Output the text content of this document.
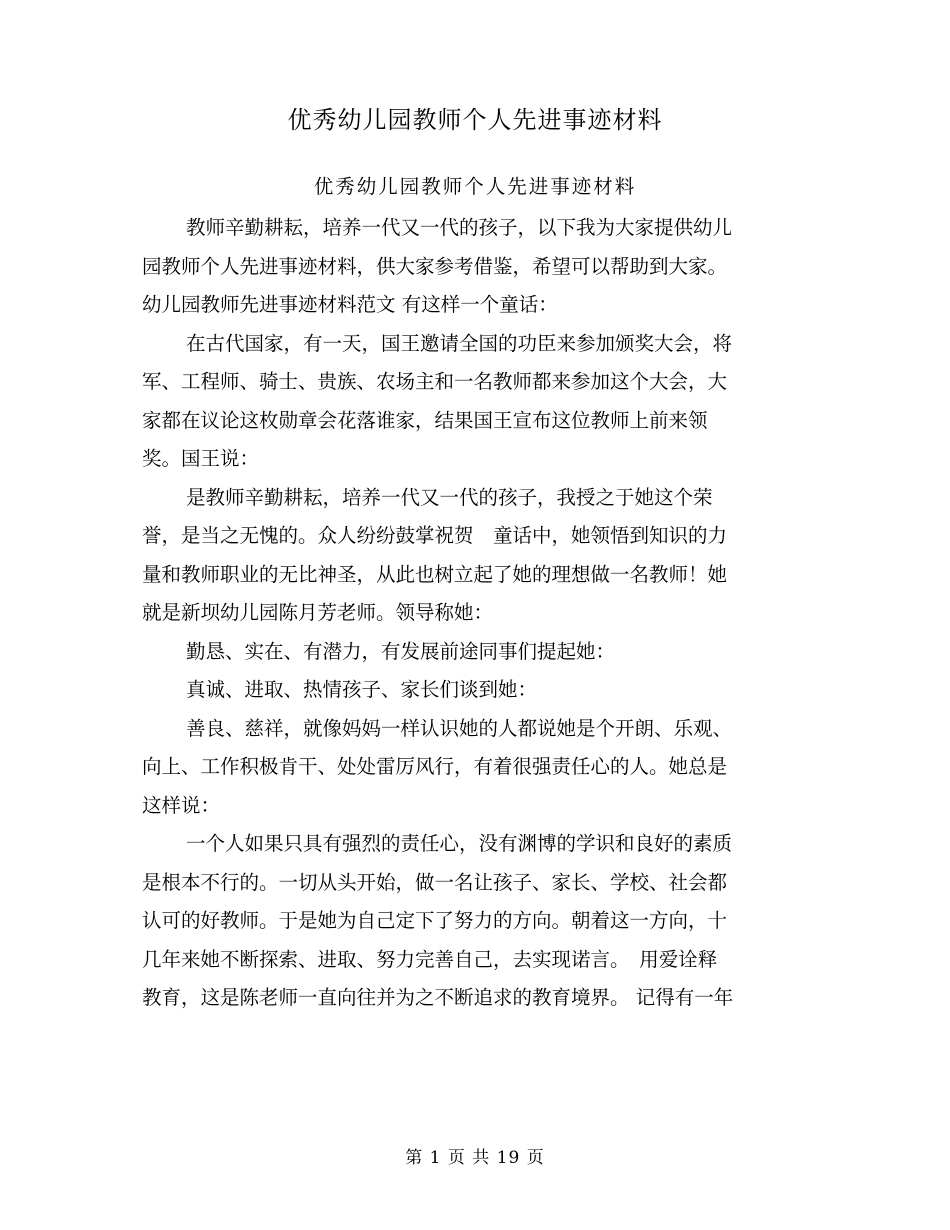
优秀幼儿园教师个人先进事迹材料
优秀幼儿园教师个人先进事迹材料
教师辛勤耕耘，培养一代又一代的孩子，以下我为大家提供幼儿
园教师个人先进事迹材料，供大家参考借鉴，希望可以帮助到大家。
幼儿园教师先进事迹材料范文 有这样一个童话：
在古代国家，有一天，国王邀请全国的功臣来参加颁奖大会，将
军、工程师、骑士、贵族、农场主和一名教师都来参加这个大会，大
家都在议论这枚勋章会花落谁家，结果国王宣布这位教师上前来领
奖。国王说：
是教师辛勤耕耘，培养一代又一代的孩子，我授之于她这个荣
誉，是当之无愧的。众人纷纷鼓掌祝贺　童话中，她领悟到知识的力
量和教师职业的无比神圣，从此也树立起了她的理想做一名教师！她
就是新坝幼儿园陈月芳老师。领导称她：
勤恳、实在、有潜力，有发展前途同事们提起她：
真诚、进取、热情孩子、家长们谈到她：
善良、慈祥，就像妈妈一样认识她的人都说她是个开朗、乐观、
向上、工作积极肯干、处处雷厉风行，有着很强责任心的人。她总是
这样说：
一个人如果只具有强烈的责任心，没有渊博的学识和良好的素质
是根本不行的。一切从头开始，做一名让孩子、家长、学校、社会都
认可的好教师。于是她为自己定下了努力的方向。朝着这一方向，十
几年来她不断探索、进取、努力完善自己，去实现诺言。　用爱诠释
教育，这是陈老师一直向往并为之不断追求的教育境界。 记得有一年
第 1 页 共 19 页
